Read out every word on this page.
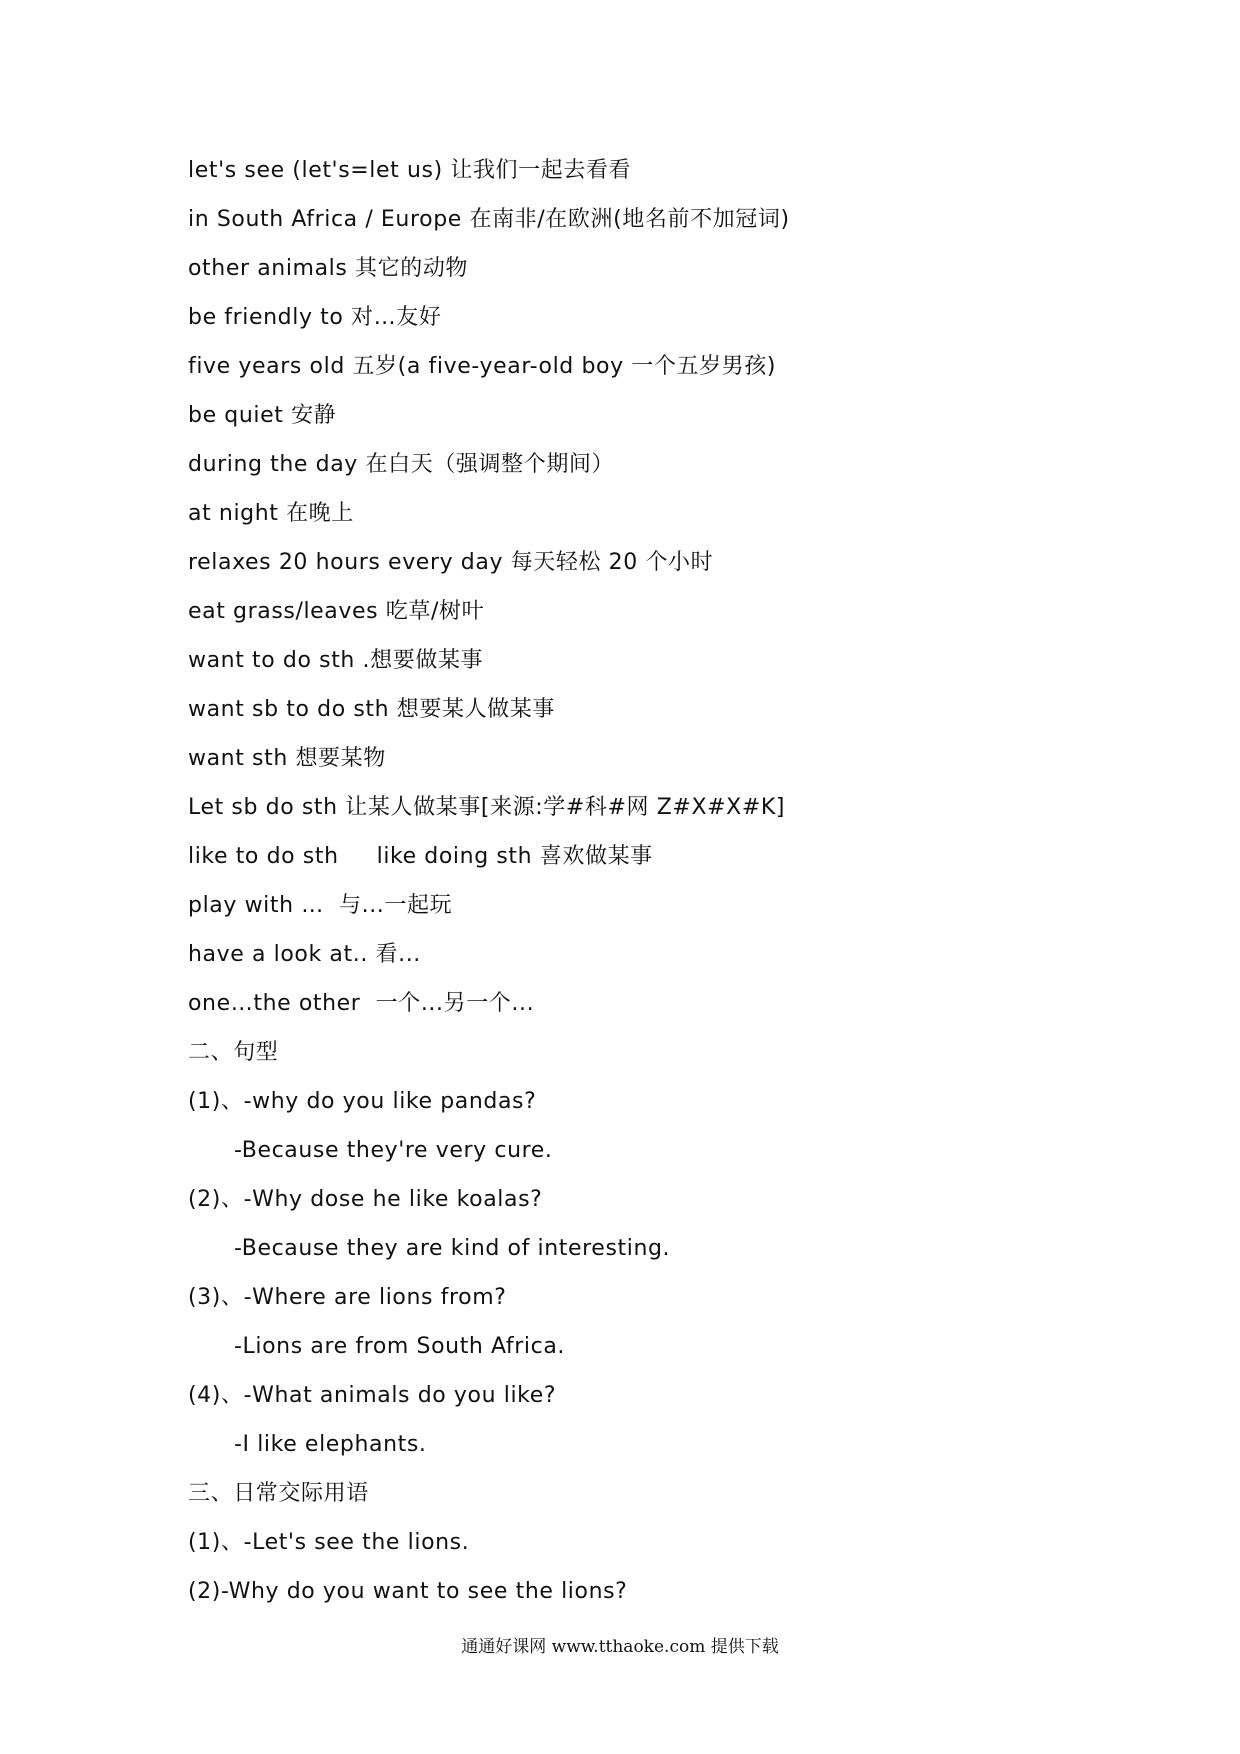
let's see (let's=let us) 让我们一起去看看
in South Africa / Europe 在南非/在欧洲(地名前不加冠词)
other animals 其它的动物
be friendly to 对…友好
five years old 五岁(a five-year-old boy 一个五岁男孩)
be quiet 安静
during the day 在白天（强调整个期间）
at night 在晚上
relaxes 20 hours every day 每天轻松 20 个小时
eat grass/leaves 吃草/树叶
want to do sth .想要做某事
want sb to do sth 想要某人做某事
want sth 想要某物
Let sb do sth 让某人做某事[来源:学#科#网 Z#X#X#K]
like to do sth     like doing sth 喜欢做某事
play with …  与...一起玩
have a look at.. 看...
one…the other  一个...另一个...
二、句型
(1)、-why do you like pandas?
-Because they're very cure.
(2)、-Why dose he like koalas?
-Because they are kind of interesting.
(3)、-Where are lions from?
-Lions are from South Africa.
(4)、-What animals do you like?
-I like elephants.
三、日常交际用语
(1)、-Let's see the lions.
(2)-Why do you want to see the lions?
通通好课网 www.tthaoke.com 提供下载
